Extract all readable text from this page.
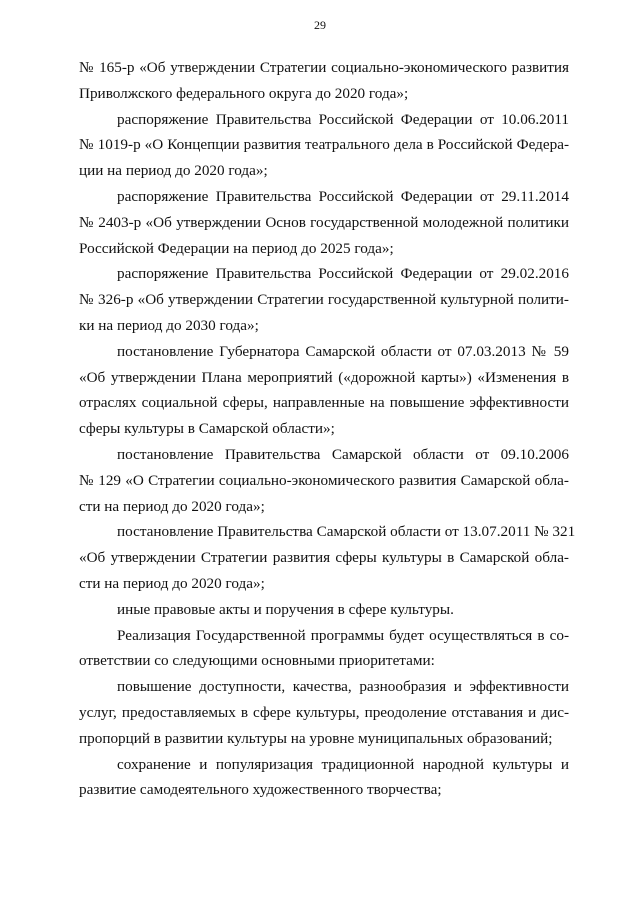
29
№ 165-р «Об утверждении Стратегии социально-экономического развития
Приволжского федерального округа до 2020 года»;
распоряжение Правительства Российской Федерации от 10.06.2011
№ 1019-р «О Концепции развития театрального дела в Российской Федера-
ции на период до 2020 года»;
распоряжение Правительства Российской Федерации от 29.11.2014
№ 2403-р «Об утверждении Основ государственной молодежной политики
Российской Федерации на период до 2025 года»;
распоряжение Правительства Российской Федерации от 29.02.2016
№ 326-р «Об утверждении Стратегии государственной культурной полити-
ки на период до 2030 года»;
постановление Губернатора Самарской области от 07.03.2013 № 59
«Об утверждении Плана мероприятий («дорожной карты») «Изменения в
отраслях социальной сферы, направленные на повышение эффективности
сферы культуры в Самарской области»;
постановление Правительства Самарской области от 09.10.2006
№ 129 «О Стратегии социально-экономического развития Самарской обла-
сти на период до 2020 года»;
постановление Правительства Самарской области от 13.07.2011 № 321
«Об утверждении Стратегии развития сферы культуры в Самарской обла-
сти на период до 2020 года»;
иные правовые акты и поручения в сфере культуры.
Реализация Государственной программы будет осуществляться в со-
ответствии со следующими основными приоритетами:
повышение доступности, качества, разнообразия и эффективности
услуг, предоставляемых в сфере культуры, преодоление отставания и дис-
пропорций в развитии культуры на уровне муниципальных образований;
сохранение и популяризация традиционной народной культуры и
развитие самодеятельного художественного творчества;
